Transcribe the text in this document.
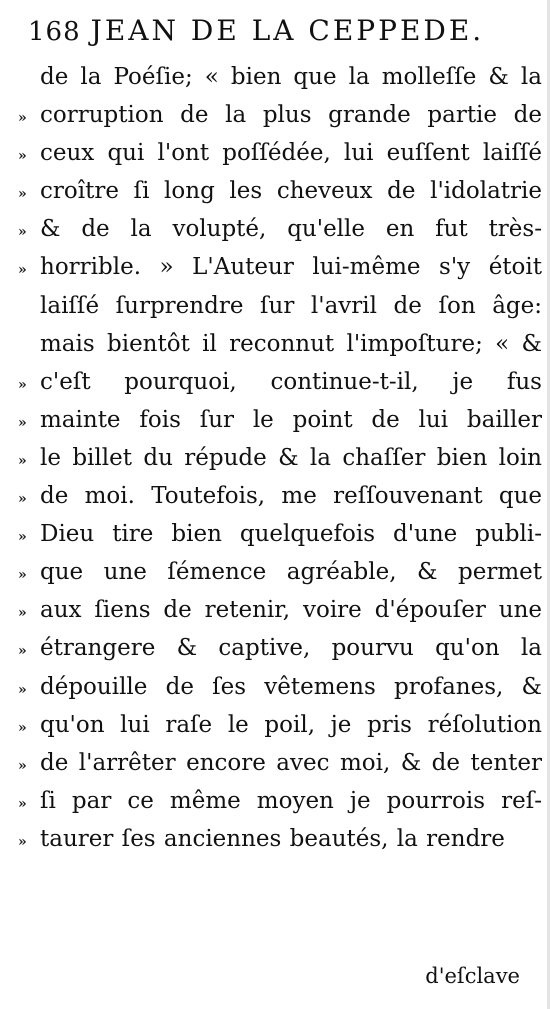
168 JEAN DE LA CEPPEDE.
de la Poéſie; « bien que la molleſſe & la
» corruption de la plus grande partie de
» ceux qui l'ont poſſédée, lui euſſent laiſſé
» croître ſi long les cheveux de l'idolatrie
» & de la volupté, qu'elle en fut très-
» horrible. » L'Auteur lui-même s'y étoit
laiſſé ſurprendre ſur l'avril de ſon âge:
mais bientôt il reconnut l'impoſture; « &
» c'eſt pourquoi, continue-t-il, je fus
» mainte fois ſur le point de lui bailler
» le billet du répude & la chaſſer bien loin
» de moi. Toutefois, me reſſouvenant que
» Dieu tire bien quelquefois d'une publi-
» que une ſémence agréable, & permet
» aux ſiens de retenir, voire d'épouſer une
» étrangere & captive, pourvu qu'on la
» dépouille de ſes vêtemens profanes, &
» qu'on lui raſe le poil, je pris réſolution
» de l'arrêter encore avec moi, & de tenter
» ſi par ce même moyen je pourrois reſ-
» taurer ſes anciennes beautés, la rendre
d'eſclave
